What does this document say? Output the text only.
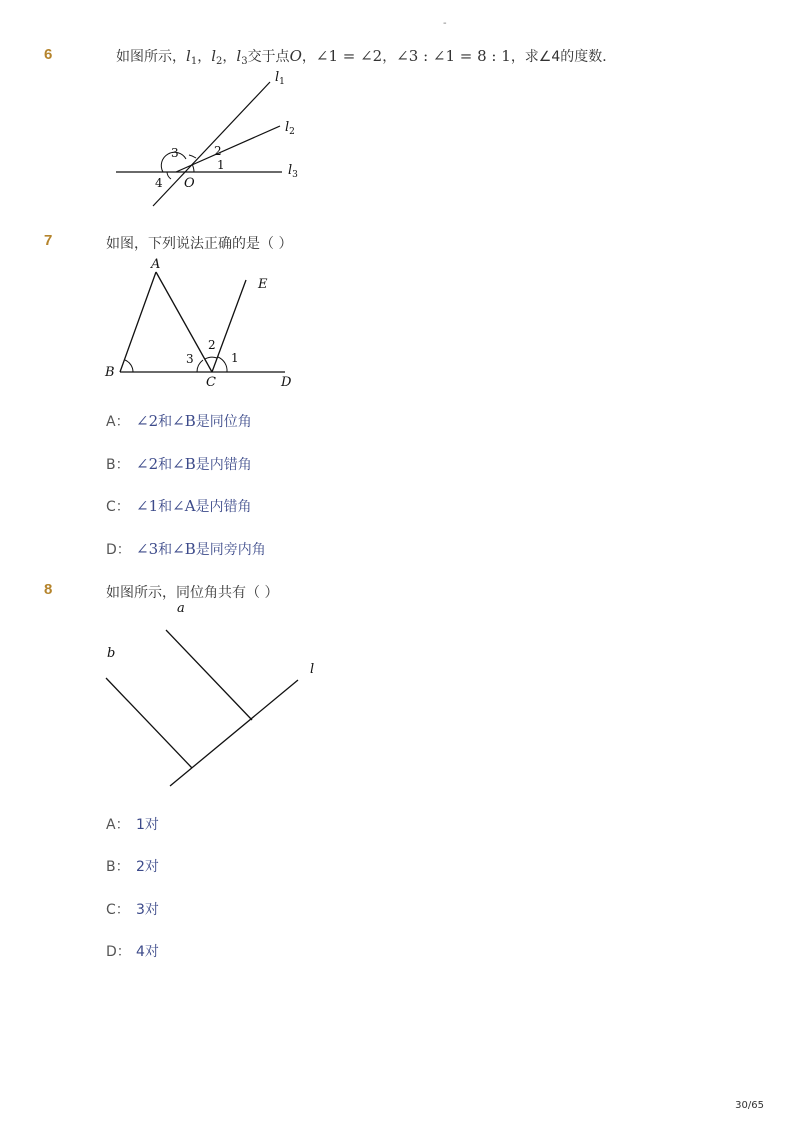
-
6	如图所示，$l_1$，$l_2$，$l_3$交于点O，∠1 = ∠2，∠3 : ∠1 = 8 : 1，求∠4的度数．
1
2
3
4 O
$l_1$
$l_2$
$l_3$
7	如图，下列说法正确的是（ ）
A
B
C	D
E
1
2
3
A： ∠2和∠B是同位角
B： ∠2和∠B是内错角
C： ∠1和∠A是内错角
D： ∠3和∠B是同旁内角
8	如图所示，同位角共有（ ）
a
b
l
A： 1对
B： 2对
C： 3对
D： 4对
30/65
